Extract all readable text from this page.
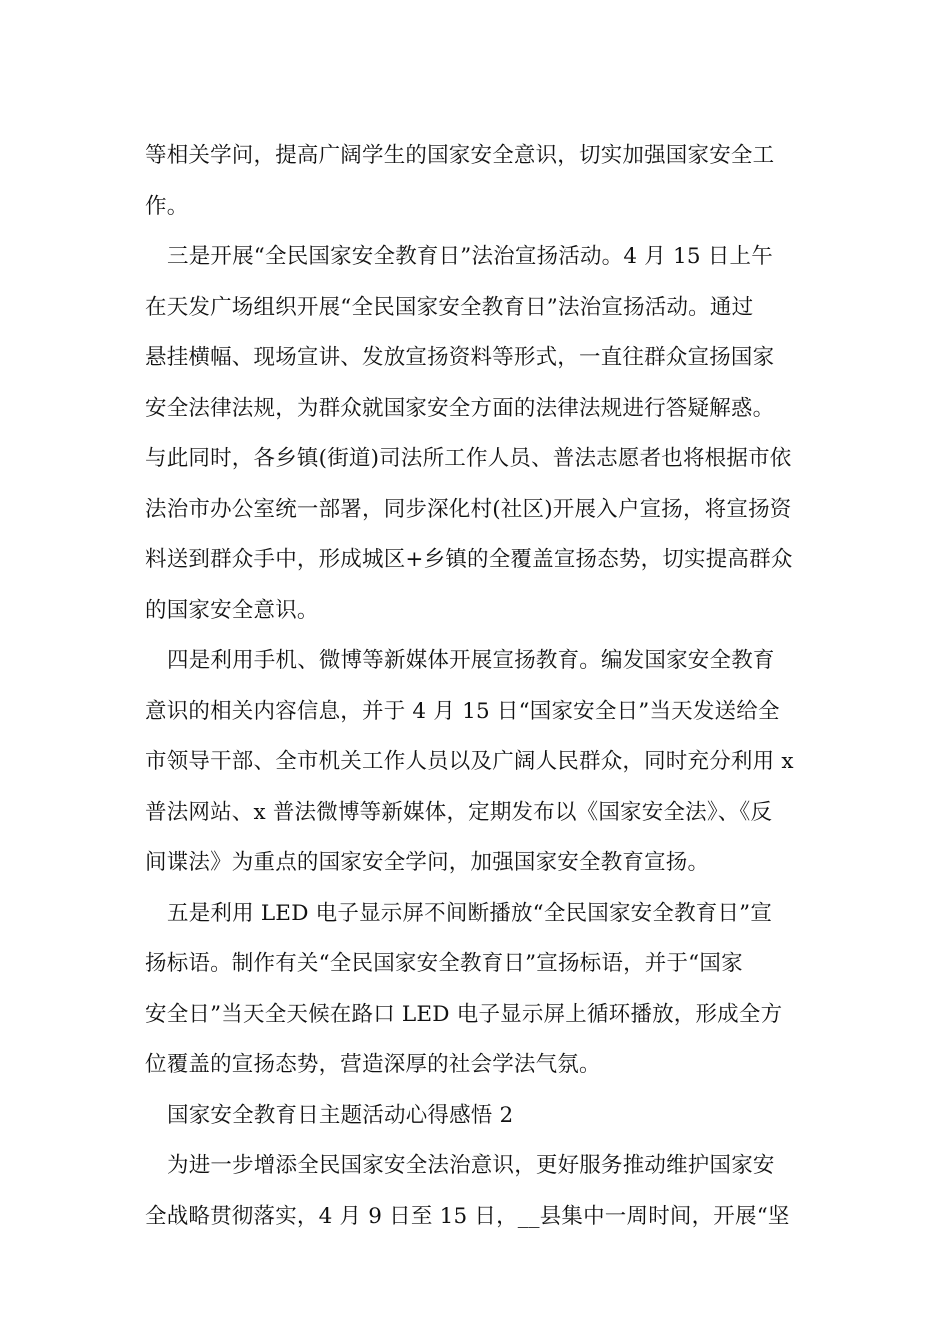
等相关学问，提高广阔学生的国家安全意识，切实加强国家安全工
作。

三是开展“全民国家安全教育日”法治宣扬活动。4 月 15 日上午
在天发广场组织开展“全民国家安全教育日”法治宣扬活动。通过
悬挂横幅、现场宣讲、发放宣扬资料等形式，一直往群众宣扬国家
安全法律法规，为群众就国家安全方面的法律法规进行答疑解惑。
与此同时，各乡镇(街道)司法所工作人员、普法志愿者也将根据市依
法治市办公室统一部署，同步深化村(社区)开展入户宣扬，将宣扬资
料送到群众手中，形成城区+乡镇的全覆盖宣扬态势，切实提高群众
的国家安全意识。

四是利用手机、微博等新媒体开展宣扬教育。编发国家安全教育
意识的相关内容信息，并于 4 月 15 日“国家安全日”当天发送给全
市领导干部、全市机关工作人员以及广阔人民群众，同时充分利用 x
普法网站、x 普法微博等新媒体，定期发布以《国家安全法》、《反
间谍法》为重点的国家安全学问，加强国家安全教育宣扬。

五是利用 LED 电子显示屏不间断播放“全民国家安全教育日”宣
扬标语。制作有关“全民国家安全教育日”宣扬标语，并于“国家
安全日”当天全天候在路口 LED 电子显示屏上循环播放，形成全方
位覆盖的宣扬态势，营造深厚的社会学法气氛。

国家安全教育日主题活动心得感悟 2

为进一步增添全民国家安全法治意识，更好服务推动维护国家安
全战略贯彻落实，4 月 9 日至 15 日，__县集中一周时间，开展“坚
